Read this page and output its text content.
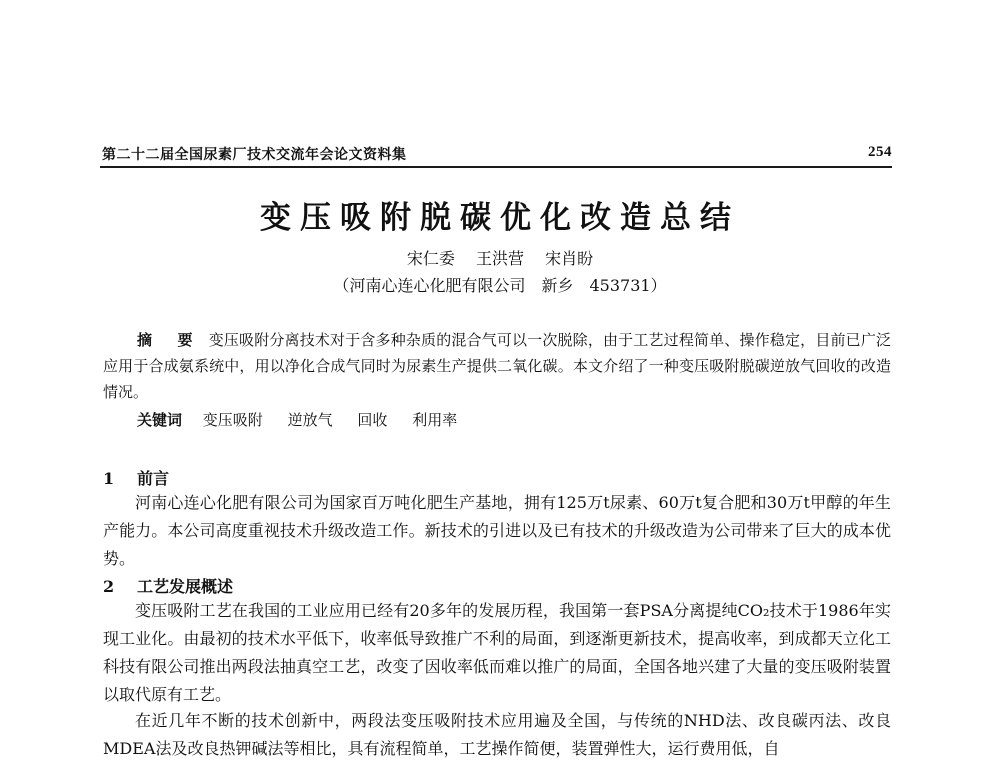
第二十二届全国尿素厂技术交流年会论文资料集	254
变压吸附脱碳优化改造总结
宋仁委 王洪营 宋肖盼
（河南心连心化肥有限公司 新乡 453731）
摘 要 变压吸附分离技术对于含多种杂质的混合气可以一次脱除，由于工艺过程简单、操作稳定，目前已广泛应用于合成氨系统中，用以净化合成气同时为尿素生产提供二氧化碳。本文介绍了一种变压吸附脱碳逆放气回收的改造情况。
关键词 变压吸附 逆放气 回收 利用率
1 前言
河南心连心化肥有限公司为国家百万吨化肥生产基地，拥有125万t尿素、60万t复合肥和30万t甲醇的年生产能力。本公司高度重视技术升级改造工作。新技术的引进以及已有技术的升级改造为公司带来了巨大的成本优势。
2 工艺发展概述
变压吸附工艺在我国的工业应用已经有20多年的发展历程，我国第一套PSA分离提纯CO₂技术于1986年实现工业化。由最初的技术水平低下，收率低导致推广不利的局面，到逐渐更新技术，提高收率，到成都天立化工科技有限公司推出两段法抽真空工艺，改变了因收率低而难以推广的局面，全国各地兴建了大量的变压吸附装置以取代原有工艺。
在近几年不断的技术创新中，两段法变压吸附技术应用遍及全国，与传统的NHD法、改良碳丙法、改良MDEA法及改良热钾碱法等相比，具有流程简单，工艺操作简便，装置弹性大，运行费用低，自
